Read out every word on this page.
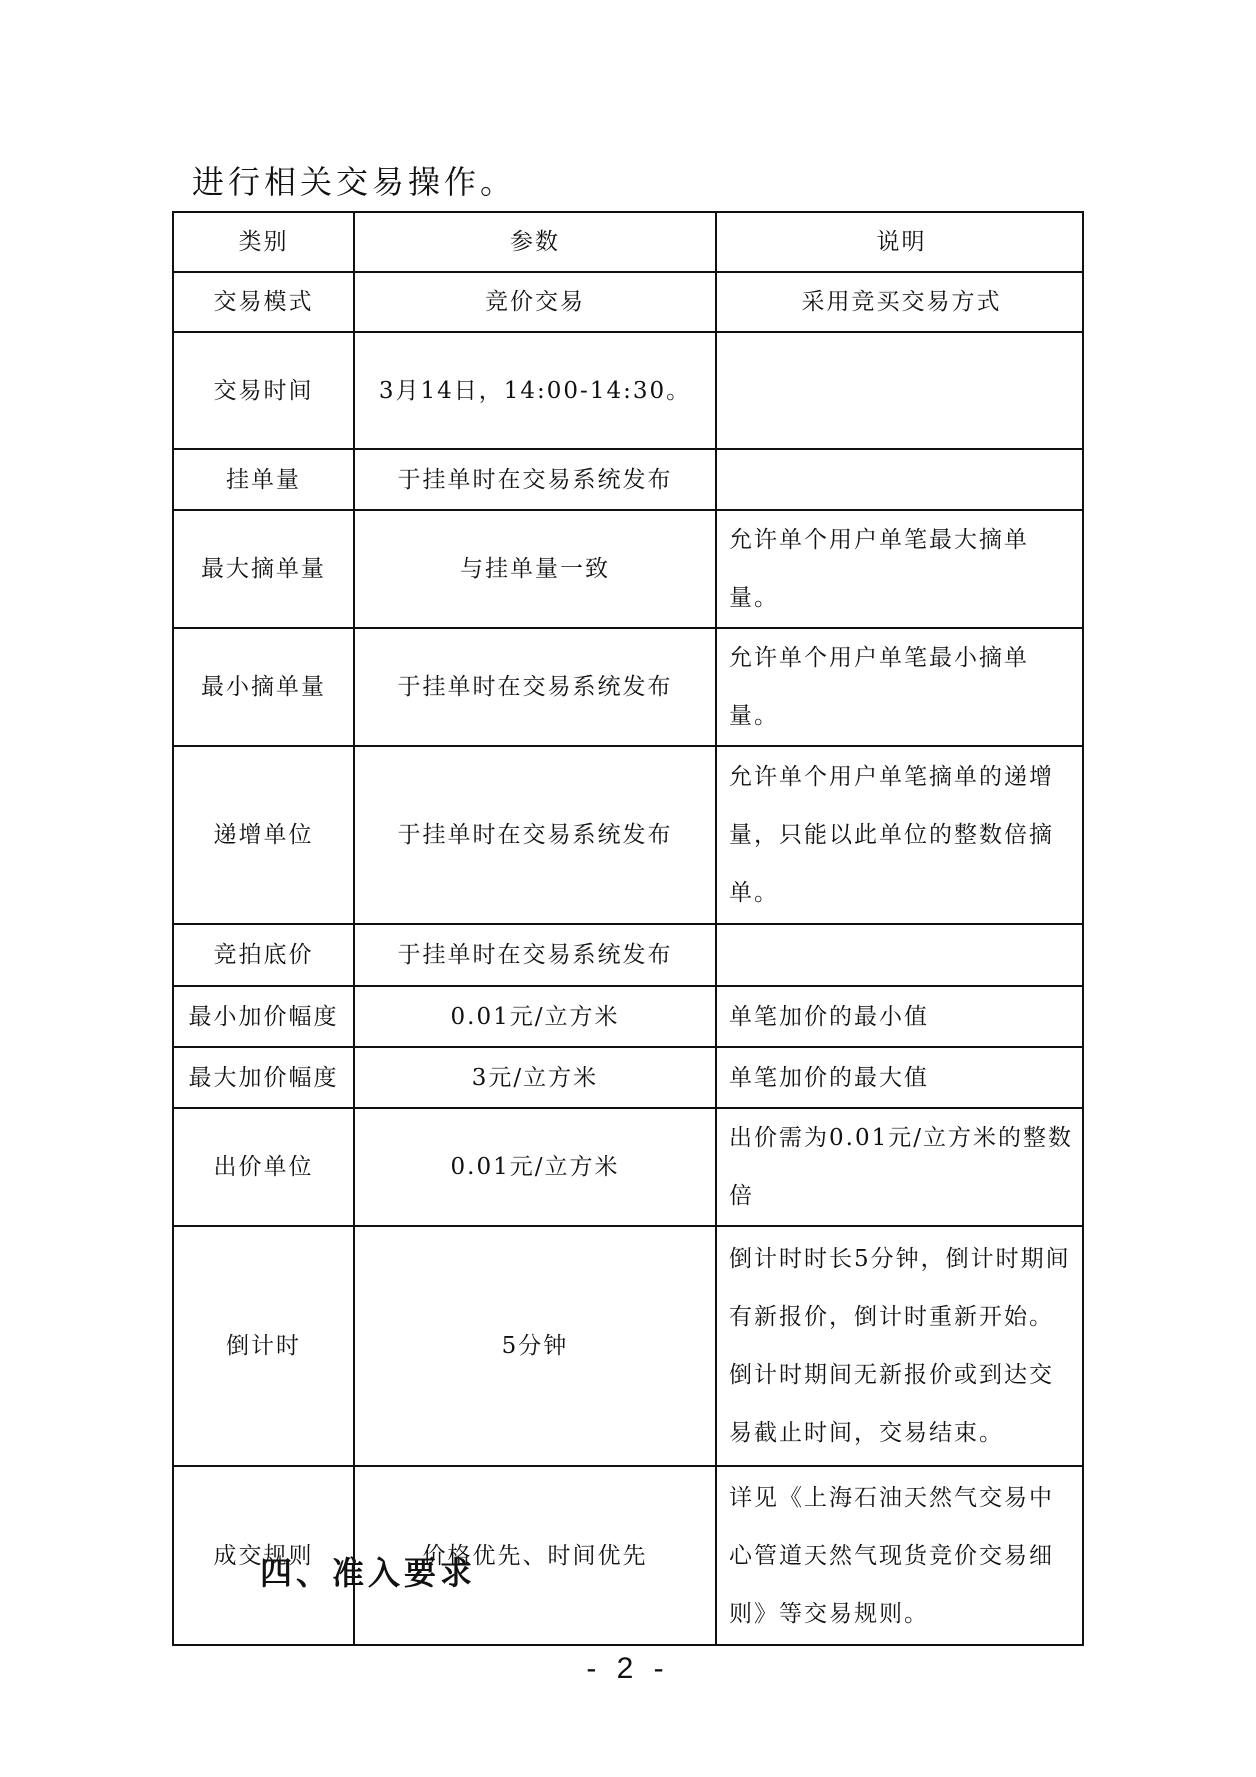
进行相关交易操作。

类别	参数	说明
交易模式	竞价交易	采用竞买交易方式
交易时间	3月14日，14:00-14:30。	
挂单量	于挂单时在交易系统发布	
最大摘单量	与挂单量一致	允许单个用户单笔最大摘单量。
最小摘单量	于挂单时在交易系统发布	允许单个用户单笔最小摘单量。
递增单位	于挂单时在交易系统发布	允许单个用户单笔摘单的递增量，只能以此单位的整数倍摘单。
竞拍底价	于挂单时在交易系统发布	
最小加价幅度	0.01元/立方米	单笔加价的最小值
最大加价幅度	3元/立方米	单笔加价的最大值
出价单位	0.01元/立方米	出价需为0.01元/立方米的整数倍
倒计时	5分钟	倒计时时长5分钟，倒计时期间有新报价，倒计时重新开始。倒计时期间无新报价或到达交易截止时间，交易结束。
成交规则	价格优先、时间优先	详见《上海石油天然气交易中心管道天然气现货竞价交易细则》等交易规则。

四、准入要求

- 2 -
